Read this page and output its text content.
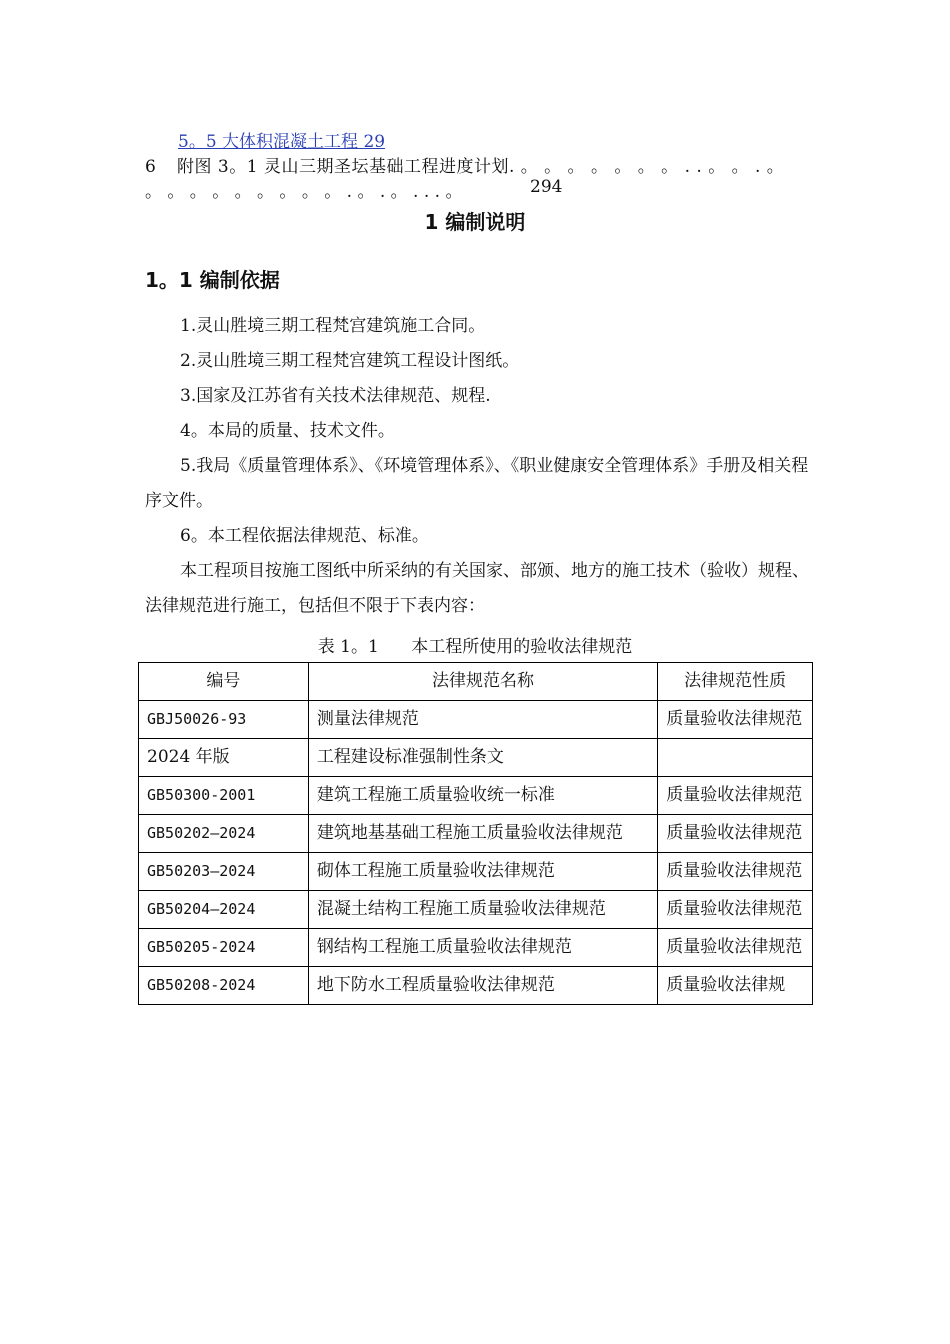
5。5 大体积混凝土工程 29
6 附图 3。1 灵山三期圣坛基础工程进度计划. 。 。 。 。 。 。 。 . . 。 。 . 。
。 。 。 。 。 。 。 。 。 . 。 . 。 . . . 。	294
1 编制说明
1。1 编制依据
1.灵山胜境三期工程梵宫建筑施工合同。
2.灵山胜境三期工程梵宫建筑工程设计图纸。
3.国家及江苏省有关技术法律规范、规程.
4。本局的质量、技术文件。
5.我局《质量管理体系》、《环境管理体系》、《职业健康安全管理体系》手册及相关程序文件。
6。本工程依据法律规范、标准。
本工程项目按施工图纸中所采纳的有关国家、部颁、地方的施工技术（验收）规程、法律规范进行施工，包括但不限于下表内容：
表 1。1      本工程所使用的验收法律规范
编号	法律规范名称	法律规范性质
GBJ50026-93	测量法律规范	质量验收法律规范
2024 年版	工程建设标准强制性条文	
GB50300-2001	建筑工程施工质量验收统一标准	质量验收法律规范
GB50202—2024	建筑地基基础工程施工质量验收法律规范	质量验收法律规范
GB50203—2024	砌体工程施工质量验收法律规范	质量验收法律规范
GB50204—2024	混凝土结构工程施工质量验收法律规范	质量验收法律规范
GB50205-2024	钢结构工程施工质量验收法律规范	质量验收法律规范
GB50208-2024	地下防水工程质量验收法律规范	质量验收法律规
